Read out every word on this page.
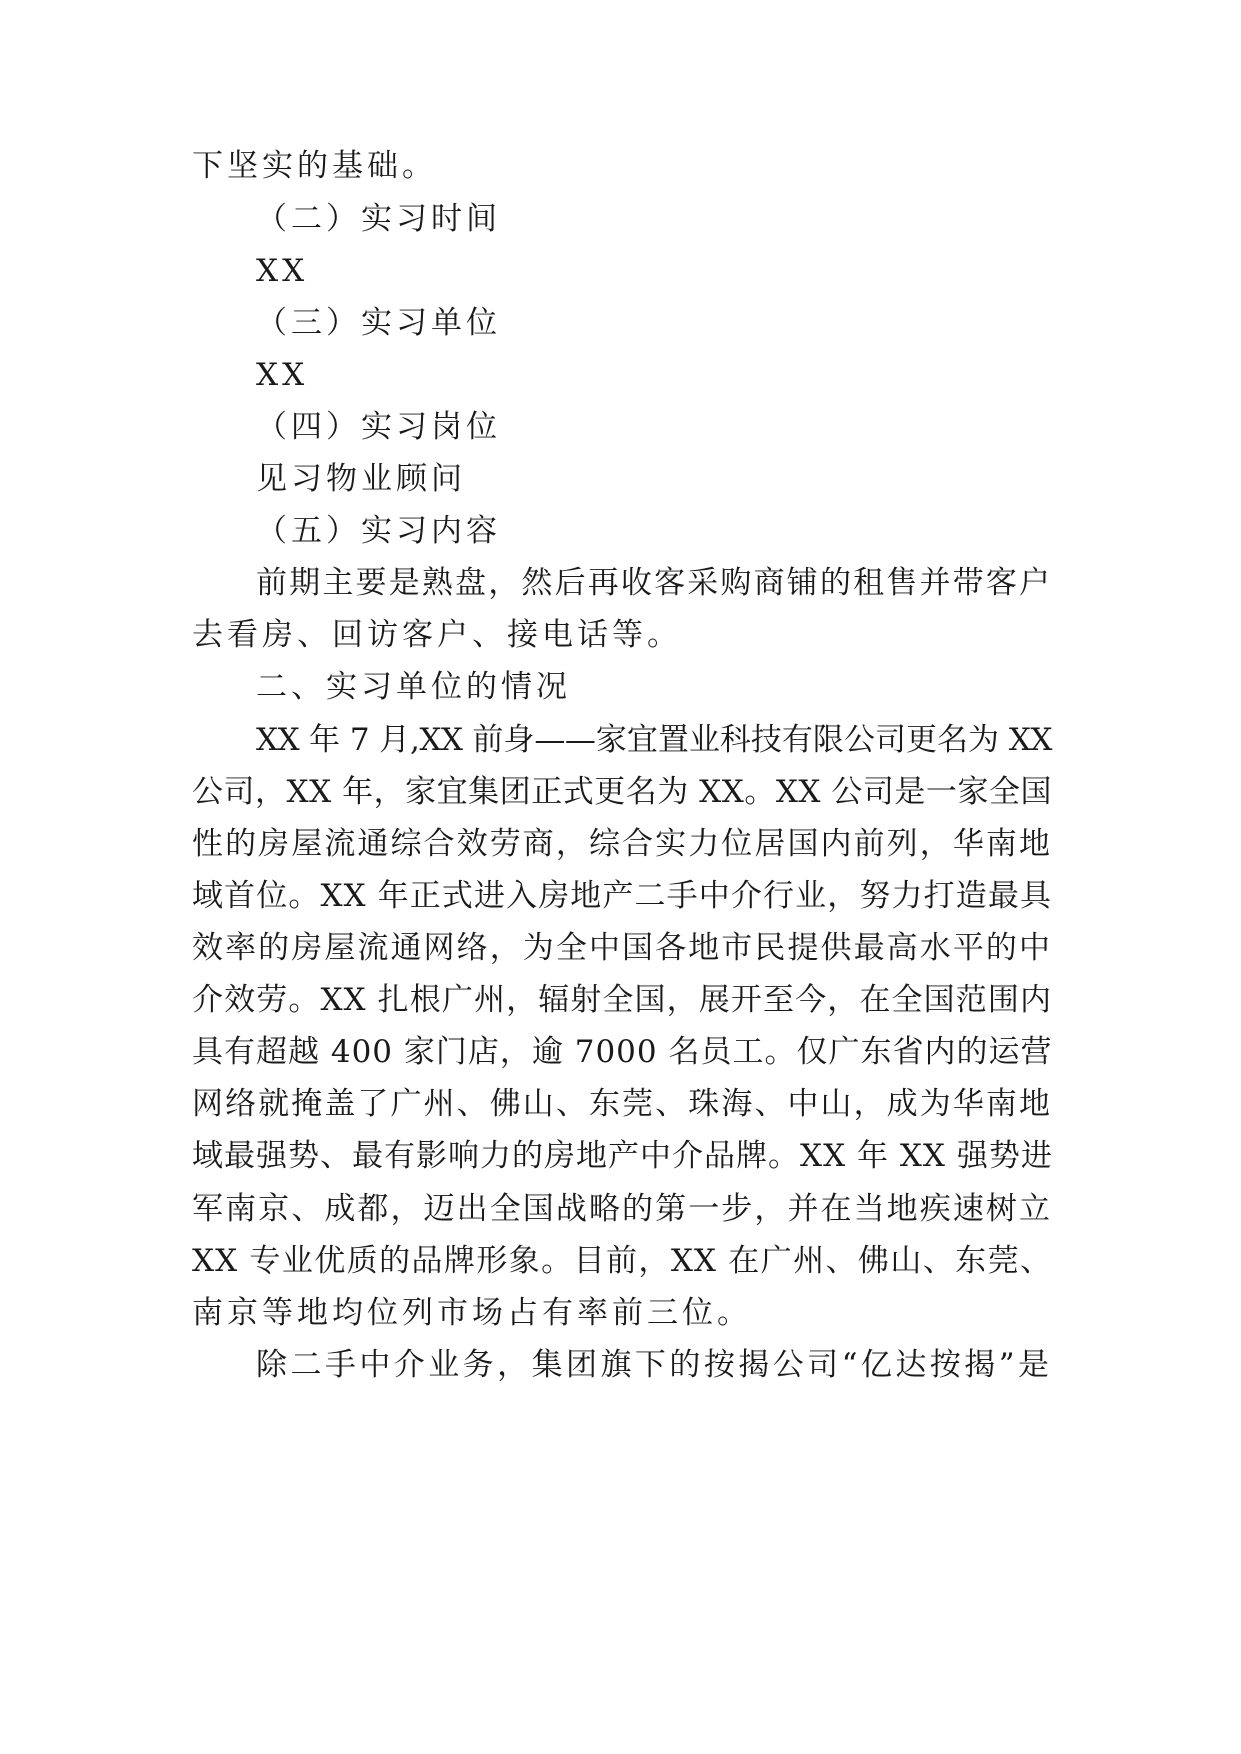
下坚实的基础。
（二）实习时间
XX
（三）实习单位
XX
（四）实习岗位
见习物业顾问
（五）实习内容
前期主要是熟盘，然后再收客采购商铺的租售并带客户
去看房、回访客户、接电话等。
二、实习单位的情况
XX 年 7 月,XX 前身——家宜置业科技有限公司更名为 XX
公司，XX 年，家宜集团正式更名为 XX。XX 公司是一家全国
性的房屋流通综合效劳商，综合实力位居国内前列，华南地
域首位。XX 年正式进入房地产二手中介行业，努力打造最具
效率的房屋流通网络，为全中国各地市民提供最高水平的中
介效劳。XX 扎根广州，辐射全国，展开至今，在全国范围内
具有超越 400 家门店，逾 7000 名员工。仅广东省内的运营
网络就掩盖了广州、佛山、东莞、珠海、中山，成为华南地
域最强势、最有影响力的房地产中介品牌。XX 年 XX 强势进
军南京、成都，迈出全国战略的第一步，并在当地疾速树立
XX 专业优质的品牌形象。目前，XX 在广州、佛山、东莞、
南京等地均位列市场占有率前三位。
除二手中介业务，集团旗下的按揭公司“亿达按揭”是
